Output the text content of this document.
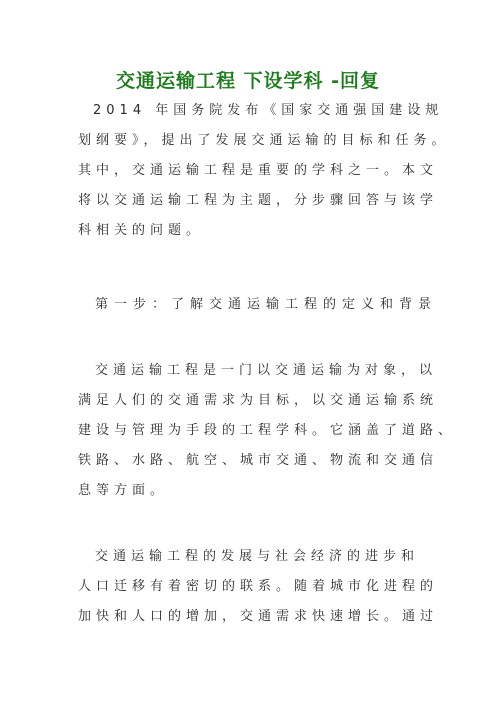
交通运输工程 下设学科 -回复
2014 年国务院发布《国家交通强国建设规
划纲要》，提出了发展交通运输的目标和任务。
其中，交通运输工程是重要的学科之一。本文
将以交通运输工程为主题，分步骤回答与该学
科相关的问题。
第一步：了解交通运输工程的定义和背景
交通运输工程是一门以交通运输为对象，以
满足人们的交通需求为目标，以交通运输系统
建设与管理为手段的工程学科。它涵盖了道路、
铁路、水路、航空、城市交通、物流和交通信
息等方面。
交通运输工程的发展与社会经济的进步和
人口迁移有着密切的联系。随着城市化进程的
加快和人口的增加，交通需求快速增长。通过
